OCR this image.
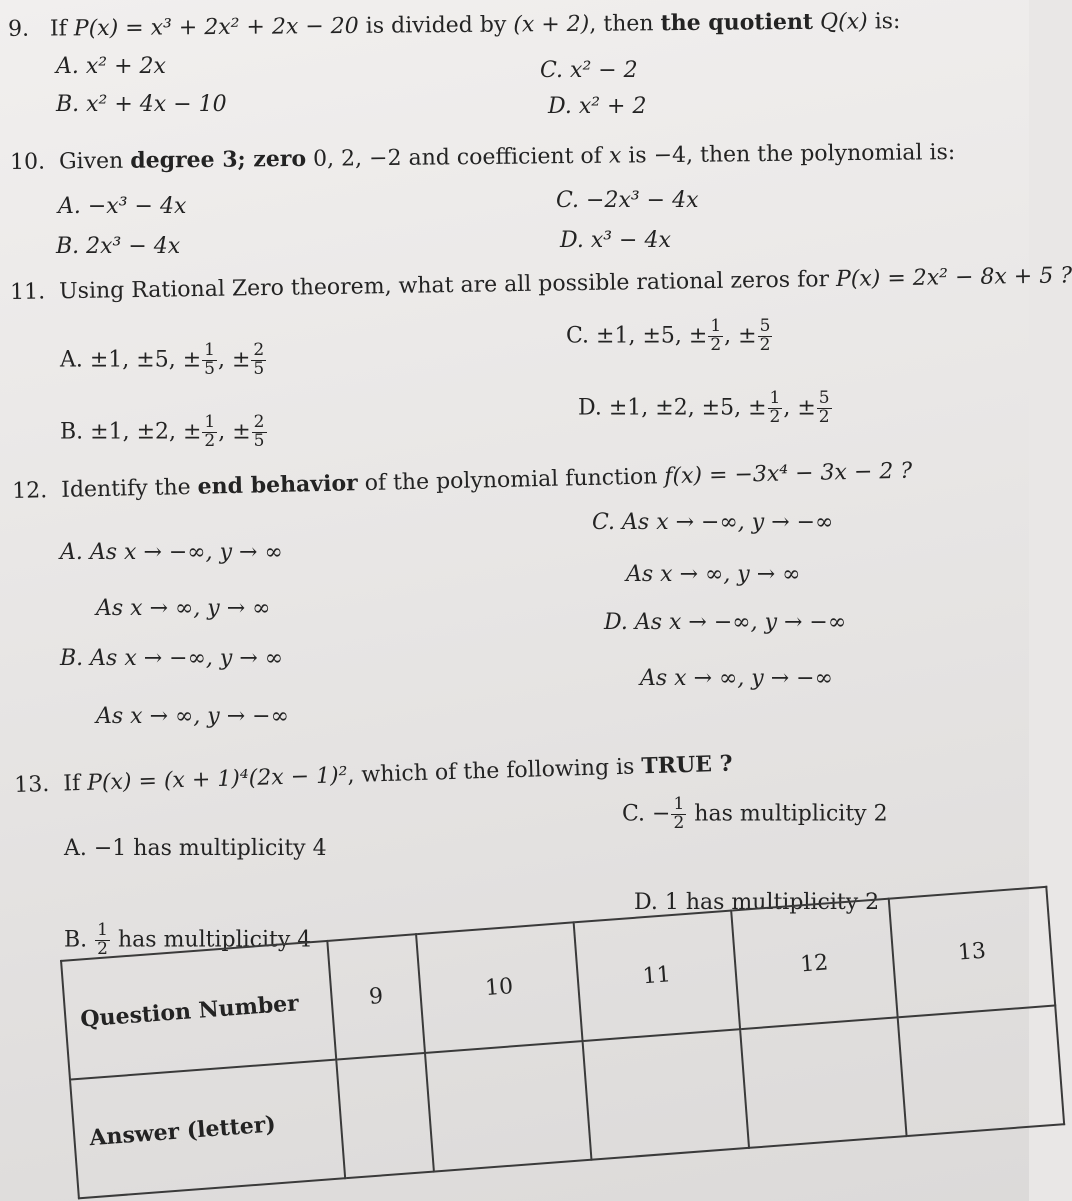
9. If P(x) = x³ + 2x² + 2x − 20 is divided by (x + 2), then the quotient Q(x) is:
A. x² + 2x	C. x² − 2
B. x² + 4x − 10	D. x² + 2
10. Given degree 3; zero 0, 2, −2 and coefficient of x is −4, then the polynomial is:
A. −x³ − 4x	C. −2x³ − 4x
B. 2x³ − 4x	D. x³ − 4x
11. Using Rational Zero theorem, what are all possible rational zeros for P(x) = 2x² − 8x + 5 ?
A. ±1, ±5, ± $\frac{1}{5}$ , ± $\frac{2}{5}$
C. ±1, ±5, ± $\frac{1}{2}$ , ± $\frac{5}{2}$
B. ±1, ±2, ± $\frac{1}{2}$ , ± $\frac{2}{5}$
D. ±1, ±2, ±5, ± $\frac{1}{2}$ , ± $\frac{5}{2}$
12. Identify the end behavior of the polynomial function f(x) = −3x⁴ − 3x − 2 ?
A. As x → −∞, y → ∞
As x → ∞, y → ∞
B. As x → −∞, y → ∞
As x → ∞, y → −∞
C. As x → −∞, y → −∞
As x → ∞, y → ∞
D. As x → −∞, y → −∞
As x → ∞, y → −∞
13. If P(x) = (x + 1)⁴(2x − 1)², which of the following is TRUE ?
A. −1 has multiplicity 4
B. $\frac{1}{2}$ has multiplicity 4
C. − $\frac{1}{2}$ has multiplicity 2
D. 1 has multiplicity 2
Question Number	9	10	11	12	13
Answer (letter)					
